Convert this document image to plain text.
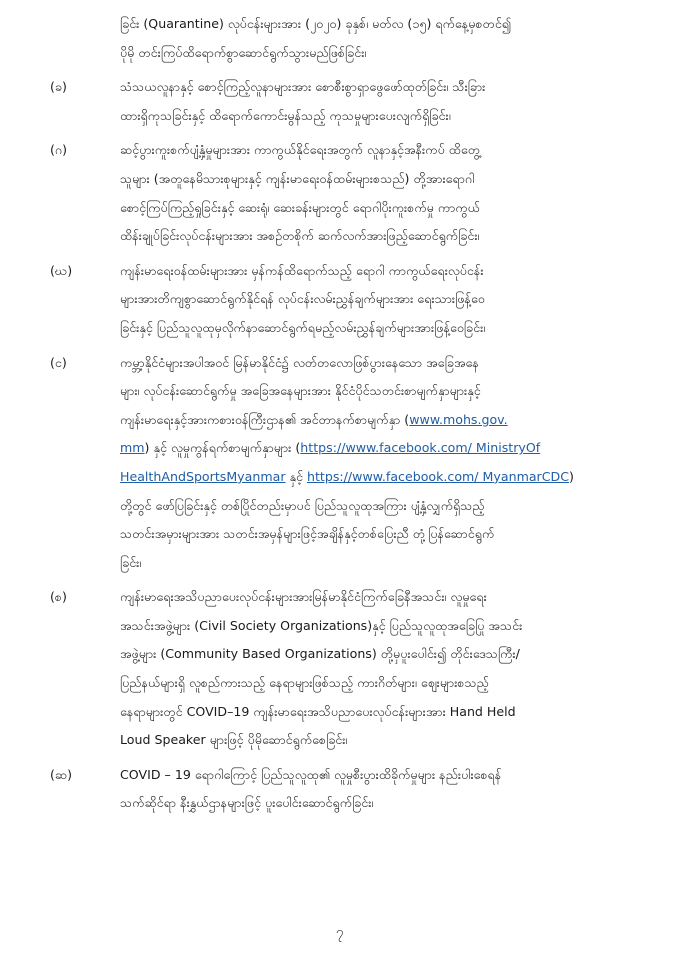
ခြင်း (Quarantine) လုပ်ငန်းများအား (၂၀၂၀) ခုနှစ်၊ မတ်လ (၁၅) ရက်နေ့မှစတင်၍
ပိုမို တင်းကြပ်ထိရောက်စွာဆောင်ရွက်သွားမည်ဖြစ်ခြင်း၊
(ခ)	သံသယလူနာနှင့် စောင့်ကြည့်လူနာများအား စောစီးစွာရှာဖွေဖော်ထုတ်ခြင်း၊ သီးခြား
ထားရှိကုသခြင်းနှင့် ထိရောက်ကောင်းမွန်သည့် ကုသမှုများပေးလျက်ရှိခြင်း၊
(ဂ)	ဆင့်ပွားကူးစက်ပျံ့နှံ့မှုများအား ကာကွယ်နိုင်ရေးအတွက် လူနာနှင့်အနီးကပ် ထိတွေ့
သူများ (အတူနေမိသားစုများနှင့် ကျန်းမာရေးဝန်ထမ်းများစသည်) တို့အားရောဂါ
စောင့်ကြပ်ကြည့်ရှုခြင်းနှင့် ဆေးရုံ၊ ဆေးခန်းများတွင် ရောဂါပိုးကူးစက်မှု ကာကွယ်
ထိန်းချုပ်ခြင်းလုပ်ငန်းများအား အစဉ်တစိုက် ဆက်လက်အားဖြည့်ဆောင်ရွက်ခြင်း၊
(ဃ)	ကျန်းမာရေးဝန်ထမ်းများအား မှန်ကန်ထိရောက်သည့် ရောဂါ ကာကွယ်ရေးလုပ်ငန်း
များအားတိကျစွာဆောင်ရွက်နိုင်ရန် လုပ်ငန်းလမ်းညွှန်ချက်များအား ရေးသားဖြန့်ဝေ
ခြင်းနှင့် ပြည်သူလူထုမှလိုက်နာဆောင်ရွက်ရမည့်လမ်းညွှန်ချက်များအားဖြန့်ဝေခြင်း၊
(င)	ကမ္ဘာ့နိုင်ငံများအပါအဝင် မြန်မာနိုင်ငံ၌ လတ်တလောဖြစ်ပွားနေသော အခြေအနေ
များ၊ လုပ်ငန်းဆောင်ရွက်မှု အခြေအနေများအား နိုင်ငံပိုင်သတင်းစာမျက်နှာများနှင့်
ကျန်းမာရေးနှင့်အားကစားဝန်ကြီးဌာန၏ အင်တာနက်စာမျက်နှာ (www.mohs.gov.
mm) နှင့် လူမှုကွန်ရက်စာမျက်နှာများ (https://www.facebook.com/ MinistryOf
HealthAndSportsMyanmar နှင့် https://www.facebook.com/ MyanmarCDC)
တို့တွင် ဖော်ပြခြင်းနှင့် တစ်ပြိုင်တည်းမှာပင် ပြည်သူလူထုအကြား ပျံ့နှံ့လျှက်ရှိသည့်
သတင်းအမှားများအား သတင်းအမှန်များဖြင့်အချိန်နှင့်တစ်ပြေးညီ တုံ့ပြန်ဆောင်ရွက်
ခြင်း၊
(စ)	ကျန်းမာရေးအသိပညာပေးလုပ်ငန်းများအားမြန်မာနိုင်ငံကြက်ခြေနီအသင်း၊ လူမှုရေး
အသင်းအဖွဲ့များ (Civil Society Organizations)နှင့် ပြည်သူလူထုအခြေပြု အသင်း
အဖွဲ့များ (Community Based Organizations) တို့မှပူးပေါင်း၍ တိုင်းဒေသကြီး/
ပြည်နယ်များရှိ လူစည်ကားသည့် နေရာများဖြစ်သည့် ကားဂိတ်များ၊ ဈေးများစသည့်
နေရာများတွင် COVID–19 ကျန်းမာရေးအသိပညာပေးလုပ်ငန်းများအား Hand Held
Loud Speaker များဖြင့် ပိုမိုဆောင်ရွက်စေခြင်း၊
(ဆ)	COVID – 19 ရောဂါကြောင့် ပြည်သူလူထု၏ လူမှုစီးပွားထိခိုက်မှုများ နည်းပါးစေရန်
သက်ဆိုင်ရာ နီးနွှယ်ဌာနများဖြင့် ပူးပေါင်းဆောင်ရွက်ခြင်း၊
၇
